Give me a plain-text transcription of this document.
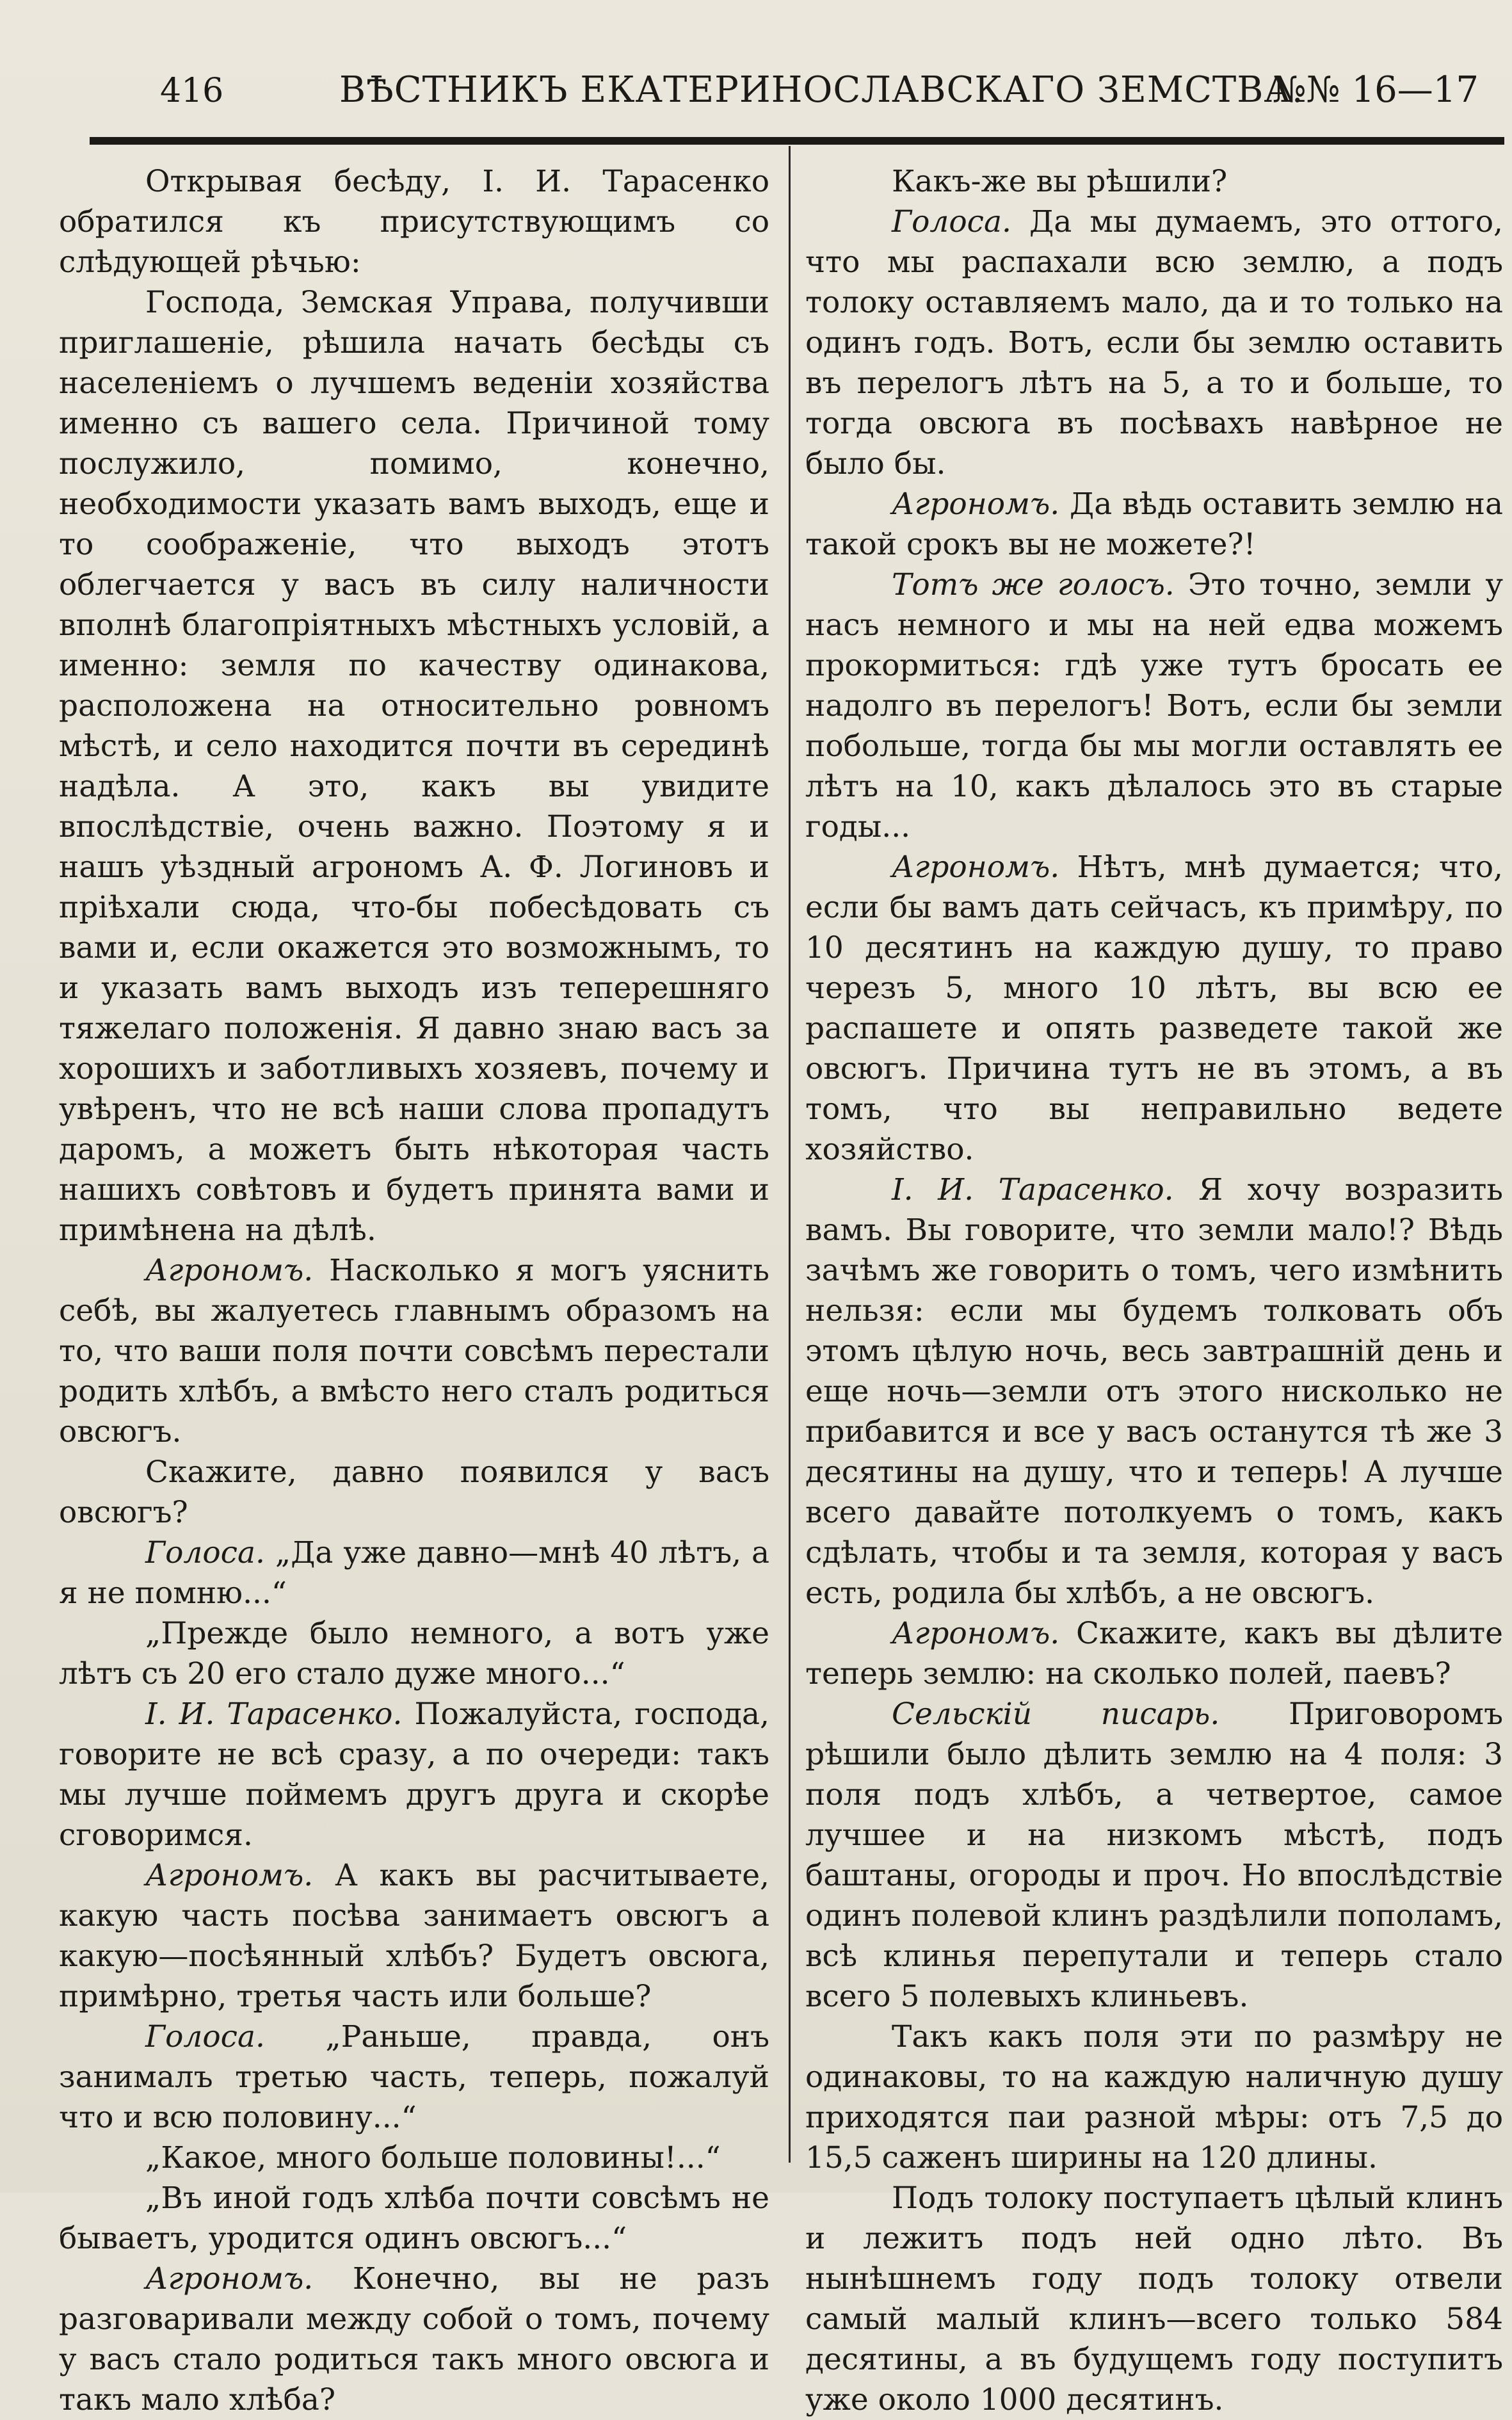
416	ВѢСТНИКЪ ЕКАТЕРИНОСЛАВСКАГО ЗЕМСТВА.
№№ 16—17

Открывая бесѣду, І. И. Тарасенко обратился къ присутствующимъ со слѣдующей рѣчью:

Господа, Земская Управа, получивши приглашеніе, рѣшила начать бесѣды съ населеніемъ о лучшемъ веденіи хозяйства именно съ вашего села. Причиной тому послужило, помимо, конечно, необходимости указать вамъ выходъ, еще и то соображеніе, что выходъ этотъ облегчается у васъ въ силу наличности вполнѣ благопріятныхъ мѣстныхъ условій, а именно: земля по качеству одинакова, расположена на относительно ровномъ мѣстѣ, и село находится почти въ серединѣ надѣла. А это, какъ вы увидите впослѣдствіе, очень важно. Поэтому я и нашъ уѣздный агрономъ А. Ф. Логиновъ и пріѣхали сюда, что-бы побесѣдовать съ вами и, если окажется это возможнымъ, то и указать вамъ выходъ изъ теперешняго тяжелаго положенія. Я давно знаю васъ за хорошихъ и заботливыхъ хозяевъ, почему и увѣренъ, что не всѣ наши слова пропадутъ даромъ, а можетъ быть нѣкоторая часть нашихъ совѣтовъ и будетъ принята вами и примѣнена на дѣлѣ.

Агрономъ. Насколько я могъ уяснить себѣ, вы жалуетесь главнымъ образомъ на то, что ваши поля почти совсѣмъ перестали родить хлѣбъ, а вмѣсто него сталъ родиться овсюгъ.

Скажите, давно появился у васъ овсюгъ?

Голоса. „Да уже давно—мнѣ 40 лѣтъ, а я не помню...“

„Прежде было немного, а вотъ уже лѣтъ съ 20 его стало дуже много...“

І. И. Тарасенко. Пожалуйста, господа, говорите не всѣ сразу, а по очереди: такъ мы лучше поймемъ другъ друга и скорѣе сговоримся.

Агрономъ. А какъ вы расчитываете, какую часть посѣва занимаетъ овсюгъ а какую—посѣянный хлѣбъ? Будетъ овсюга, примѣрно, третья часть или больше?

Голоса. „Раньше, правда, онъ занималъ третью часть, теперь, пожалуй что и всю половину...“

„Какое, много больше половины!...“

„Въ иной годъ хлѣба почти совсѣмъ не бываетъ, уродится одинъ овсюгъ...“

Агрономъ. Конечно, вы не разъ разговаривали между собой о томъ, почему у васъ стало родиться такъ много овсюга и такъ мало хлѣба?

Какъ-же вы рѣшили?

Голоса. Да мы думаемъ, это оттого, что мы распахали всю землю, а подъ толоку оставляемъ мало, да и то только на одинъ годъ. Вотъ, если бы землю оставить въ перелогъ лѣтъ на 5, а то и больше, то тогда овсюга въ посѣвахъ навѣрное не было бы.

Агрономъ. Да вѣдь оставить землю на такой срокъ вы не можете?!

Тотъ же голосъ. Это точно, земли у насъ немного и мы на ней едва можемъ прокормиться: гдѣ уже тутъ бросать ее надолго въ перелогъ! Вотъ, если бы земли побольше, тогда бы мы могли оставлять ее лѣтъ на 10, какъ дѣлалось это въ старые годы...

Агрономъ. Нѣтъ, мнѣ думается; что, если бы вамъ дать сейчасъ, къ примѣру, по 10 десятинъ на каждую душу, то право черезъ 5, много 10 лѣтъ, вы всю ее распашете и опять разведете такой же овсюгъ. Причина тутъ не въ этомъ, а въ томъ, что вы неправильно ведете хозяйство.

І. И. Тарасенко. Я хочу возразить вамъ. Вы говорите, что земли мало!? Вѣдь зачѣмъ же говорить о томъ, чего измѣнить нельзя: если мы будемъ толковать объ этомъ цѣлую ночь, весь завтрашній день и еще ночь—земли отъ этого нисколько не прибавится и все у васъ останутся тѣ же 3 десятины на душу, что и теперь! А лучше всего давайте потолкуемъ о томъ, какъ сдѣлать, чтобы и та земля, которая у васъ есть, родила бы хлѣбъ, а не овсюгъ.

Агрономъ. Скажите, какъ вы дѣлите теперь землю: на сколько полей, паевъ?

Сельскій писарь. Приговоромъ рѣшили было дѣлить землю на 4 поля: 3 поля подъ хлѣбъ, а четвертое, самое лучшее и на низкомъ мѣстѣ, подъ баштаны, огороды и проч. Но впослѣдствіе одинъ полевой клинъ раздѣлили пополамъ, всѣ клинья перепутали и теперь стало всего 5 полевыхъ клиньевъ.

Такъ какъ поля эти по размѣру не одинаковы, то на каждую наличную душу приходятся паи разной мѣры: отъ 7,5 до 15,5 саженъ ширины на 120 длины.

Подъ толоку поступаетъ цѣлый клинъ и лежитъ подъ ней одно лѣто. Въ нынѣшнемъ году подъ толоку отвели самый малый клинъ—всего только 584 десятины, а въ будущемъ году поступитъ уже около 1000 десятинъ.
